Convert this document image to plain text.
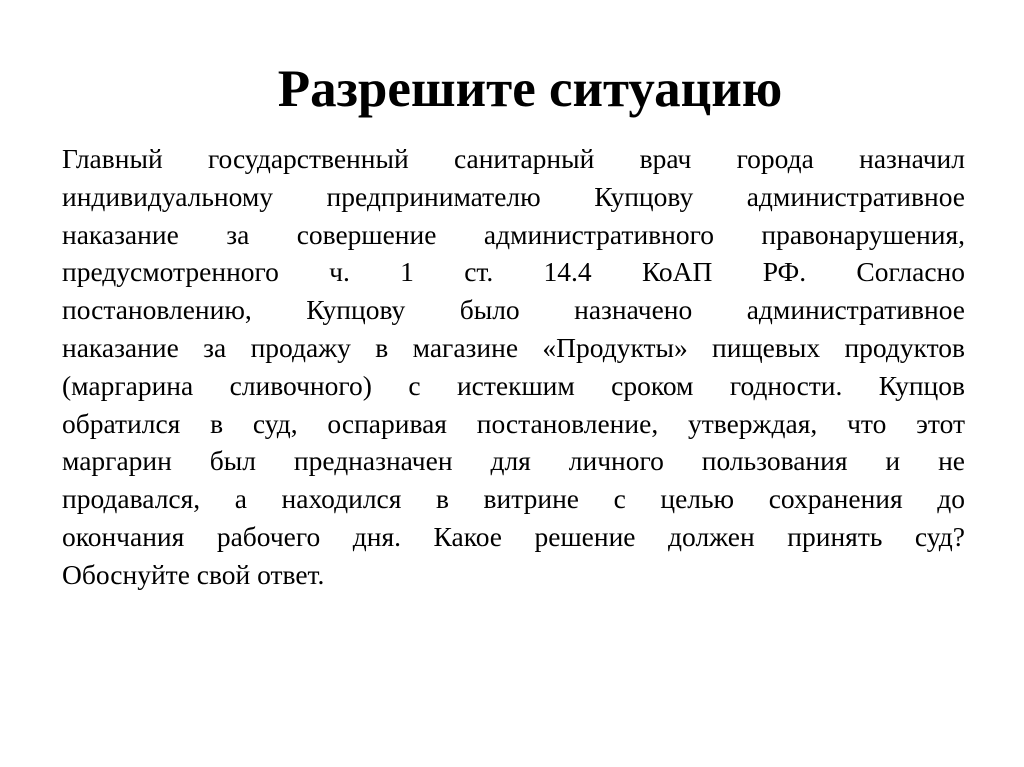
Разрешите ситуацию
Главный государственный санитарный врач города назначил
индивидуальному предпринимателю Купцову административное
наказание за совершение административного правонарушения,
предусмотренного ч. 1 ст. 14.4 КоАП РФ. Согласно
постановлению, Купцову было назначено административное
наказание за продажу в магазине «Продукты» пищевых продуктов
(маргарина сливочного) с истекшим сроком годности. Купцов
обратился в суд, оспаривая постановление, утверждая, что этот
маргарин был предназначен для личного пользования и не
продавался, а находился в витрине с целью сохранения до
окончания рабочего дня. Какое решение должен принять суд?
Обоснуйте свой ответ.
